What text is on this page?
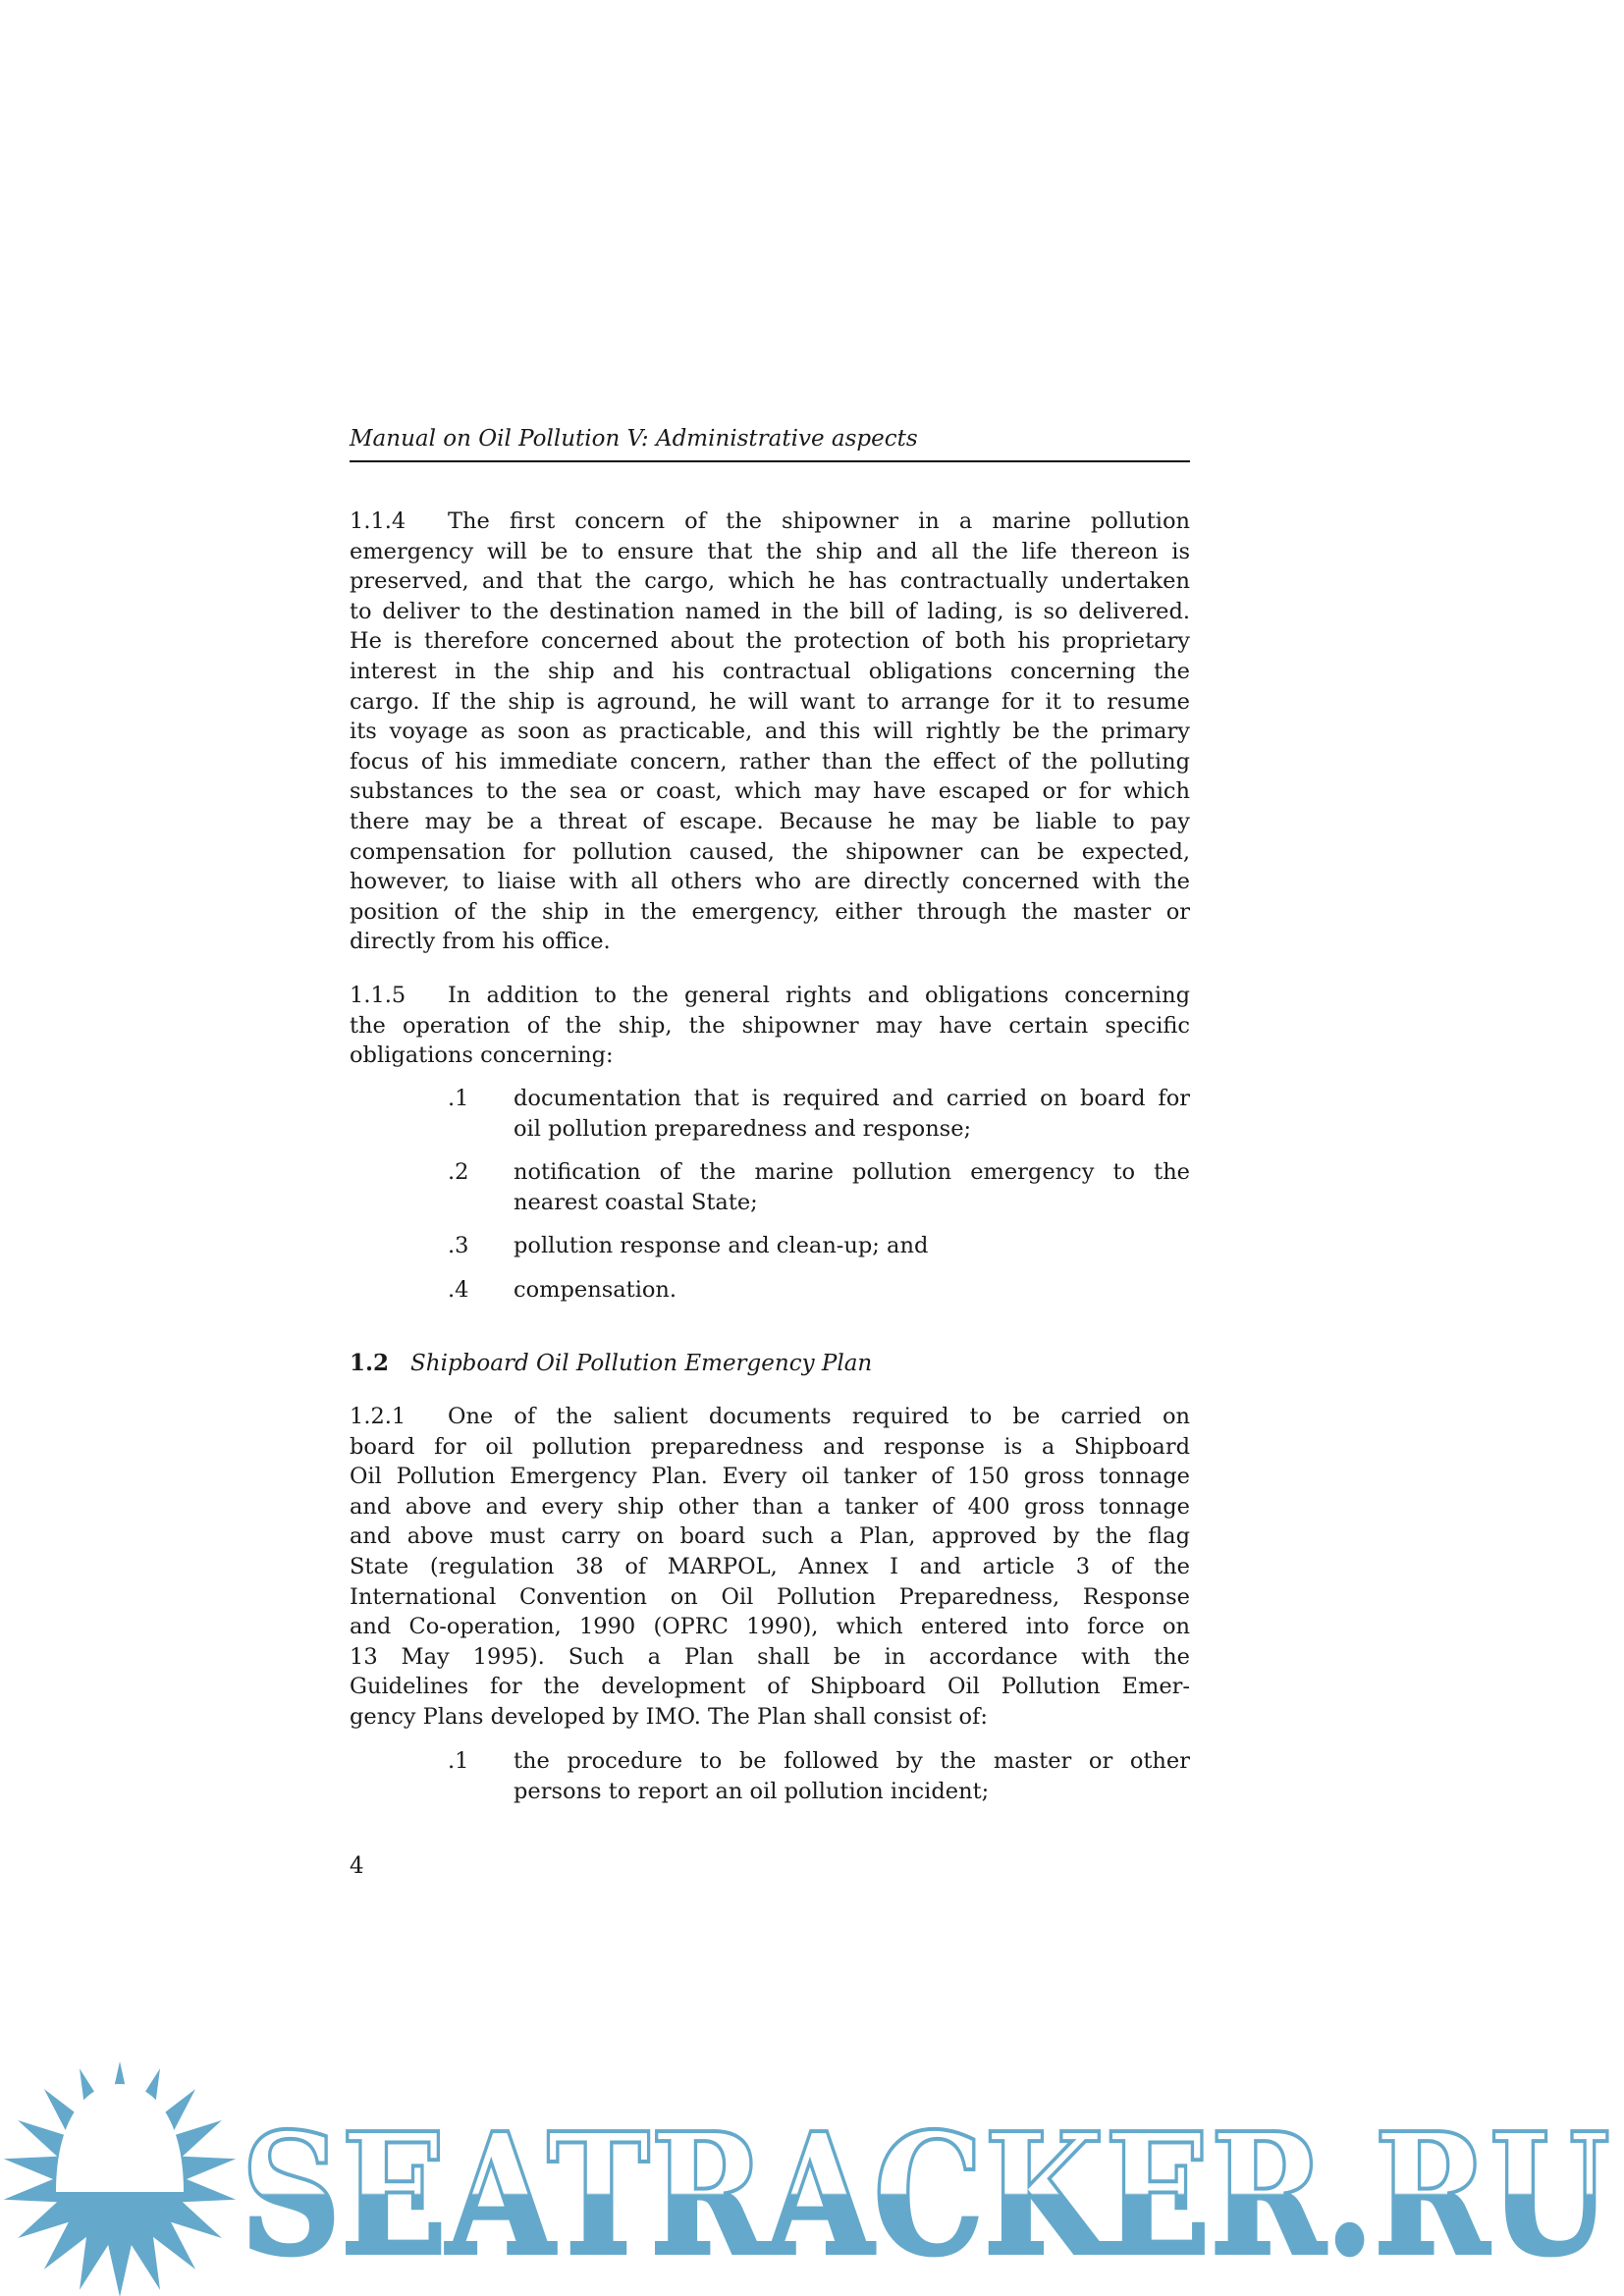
Manual on Oil Pollution V: Administrative aspects
1.1.4 The first concern of the shipowner in a marine pollution
emergency will be to ensure that the ship and all the life thereon is
preserved, and that the cargo, which he has contractually undertaken
to deliver to the destination named in the bill of lading, is so delivered.
He is therefore concerned about the protection of both his proprietary
interest in the ship and his contractual obligations concerning the
cargo. If the ship is aground, he will want to arrange for it to resume
its voyage as soon as practicable, and this will rightly be the primary
focus of his immediate concern, rather than the effect of the polluting
substances to the sea or coast, which may have escaped or for which
there may be a threat of escape. Because he may be liable to pay
compensation for pollution caused, the shipowner can be expected,
however, to liaise with all others who are directly concerned with the
position of the ship in the emergency, either through the master or
directly from his office.
1.1.5 In addition to the general rights and obligations concerning
the operation of the ship, the shipowner may have certain specific
obligations concerning:
.1 documentation that is required and carried on board for
oil pollution preparedness and response;
.2 notification of the marine pollution emergency to the
nearest coastal State;
.3 pollution response and clean-up; and
.4 compensation.
1.2 Shipboard Oil Pollution Emergency Plan
1.2.1 One of the salient documents required to be carried on
board for oil pollution preparedness and response is a Shipboard
Oil Pollution Emergency Plan. Every oil tanker of 150 gross tonnage
and above and every ship other than a tanker of 400 gross tonnage
and above must carry on board such a Plan, approved by the flag
State (regulation 38 of MARPOL, Annex I and article 3 of the
International Convention on Oil Pollution Preparedness, Response
and Co-operation, 1990 (OPRC 1990), which entered into force on
13 May 1995). Such a Plan shall be in accordance with the
Guidelines for the development of Shipboard Oil Pollution Emer-
gency Plans developed by IMO. The Plan shall consist of:
.1 the procedure to be followed by the master or other
persons to report an oil pollution incident;
4
SEATRACKER.RU
